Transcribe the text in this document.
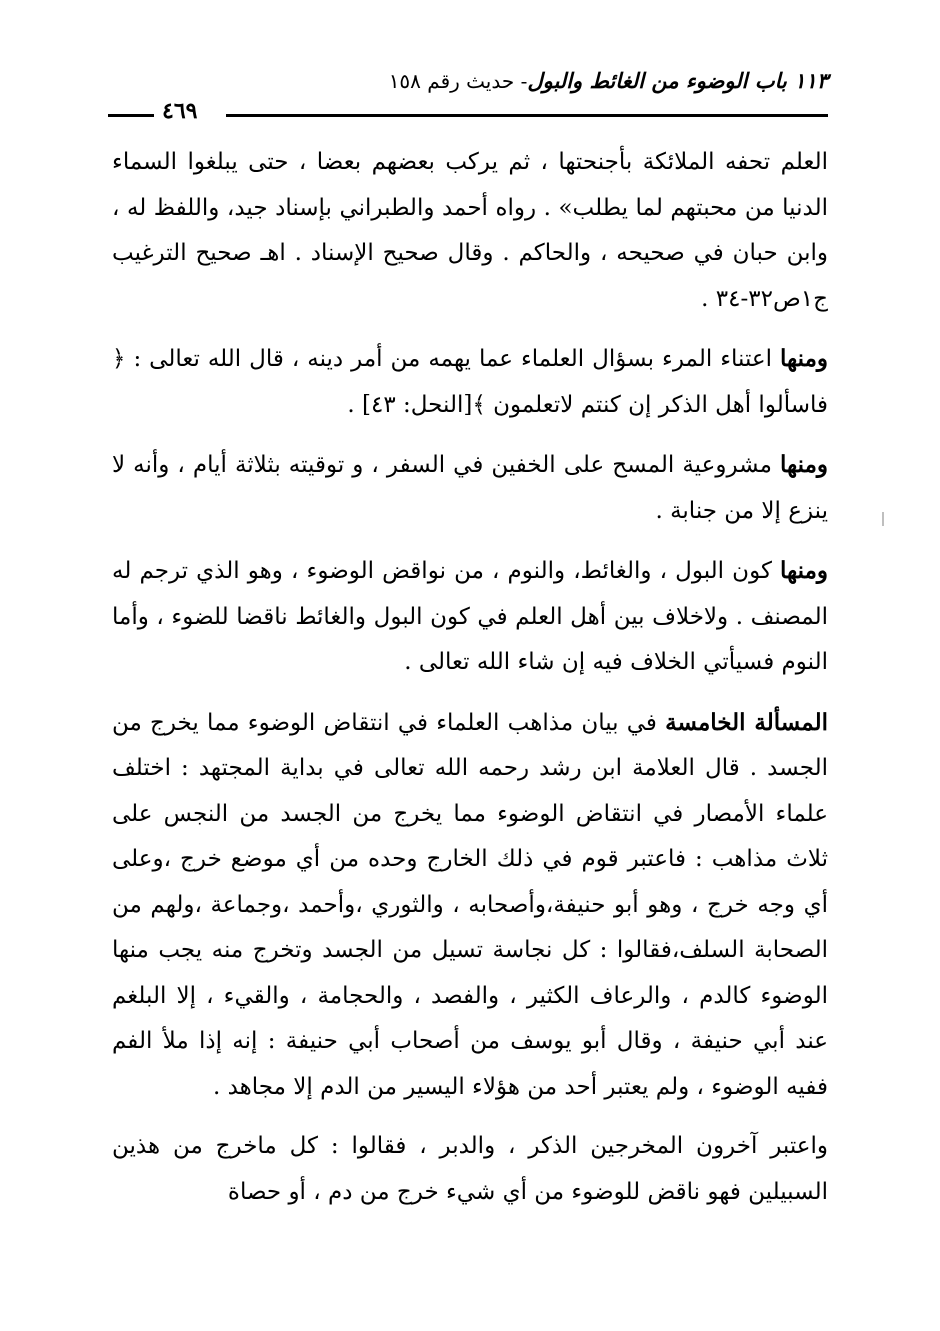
١١٣ باب الوضوء من الغائط والبول- حديث رقم ١٥٨
٤٦٩

العلم تحفه الملائكة بأجنحتها ، ثم يركب بعضهم بعضا ، حتى يبلغوا السماء الدنيا من محبتهم لما يطلب» . رواه أحمد والطبراني بإسناد جيد، واللفظ له ، وابن حبان في صحيحه ، والحاكم . وقال صحيح الإسناد . اهـ صحيح الترغيب ج١ص٣٢-٣٤ .

ومنها اعتناء المرء بسؤال العلماء عما يهمه من أمر دينه ، قال الله تعالى : ﴿ فاسألوا أهل الذكر إن كنتم لاتعلمون ﴾[النحل: ٤٣] .

ومنها مشروعية المسح على الخفين في السفر ، و توقيته بثلاثة أيام ، وأنه لا ينزع إلا من جنابة .

ومنها كون البول ، والغائط، والنوم ، من نواقض الوضوء ، وهو الذي ترجم له المصنف . ولاخلاف بين أهل العلم في كون البول والغائط ناقضا للضوء ، وأما النوم فسيأتي الخلاف فيه إن شاء الله تعالى .

المسألة الخامسة في بيان مذاهب العلماء في انتقاض الوضوء مما يخرج من الجسد . قال العلامة ابن رشد رحمه الله تعالى في بداية المجتهد : اختلف علماء الأمصار في انتقاض الوضوء مما يخرج من الجسد من النجس على ثلاث مذاهب : فاعتبر قوم في ذلك الخارج وحده من أي موضع خرج ،وعلى أي وجه خرج ، وهو أبو حنيفة،وأصحابه ، والثوري ،وأحمد ،وجماعة ،ولهم من الصحابة السلف،فقالوا : كل نجاسة تسيل من الجسد وتخرج منه يجب منها الوضوء كالدم ، والرعاف الكثير ، والفصد ، والحجامة ، والقيء ، إلا البلغم عند أبي حنيفة ، وقال أبو يوسف من أصحاب أبي حنيفة : إنه إذا ملأ الفم ففيه الوضوء ، ولم يعتبر أحد من هؤلاء اليسير من الدم إلا مجاهد .

واعتبر آخرون المخرجين الذكر ، والدبر ، فقالوا : كل ماخرج من هذين السبيلين فهو ناقض للوضوء من أي شيء خرج من دم ، أو حصاة
